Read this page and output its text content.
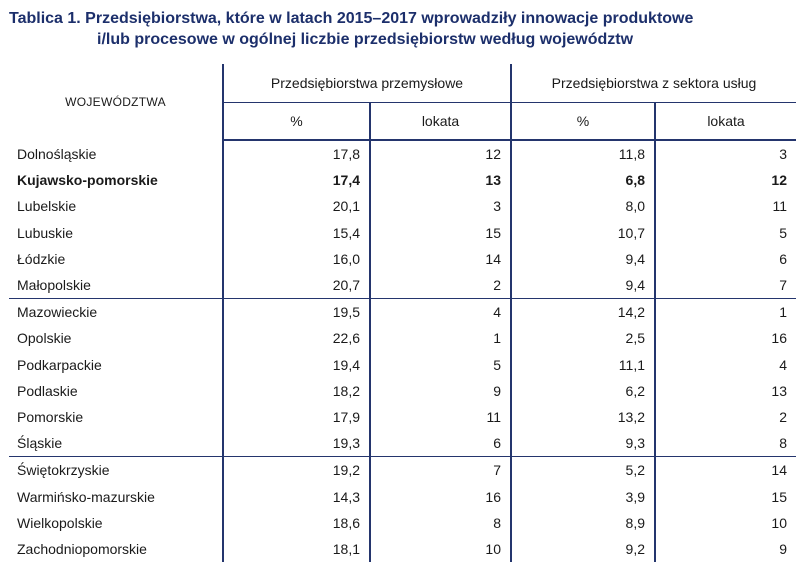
Tablica 1. Przedsiębiorstwa, które w latach 2015–2017 wprowadziły innowacje produktowe
i/lub procesowe w ogólnej liczbie przedsiębiorstw według województw
WOJEWÓDZTWA	Przedsiębiorstwa przemysłowe		Przedsiębiorstwa z sektora usług	
	%	lokata	%	lokata
Dolnośląskie	17,8	12	11,8	3
Kujawsko-pomorskie	17,4	13	6,8	12
Lubelskie	20,1	3	8,0	11
Lubuskie	15,4	15	10,7	5
Łódzkie	16,0	14	9,4	6
Małopolskie	20,7	2	9,4	7
Mazowieckie	19,5	4	14,2	1
Opolskie	22,6	1	2,5	16
Podkarpackie	19,4	5	11,1	4
Podlaskie	18,2	9	6,2	13
Pomorskie	17,9	11	13,2	2
Śląskie	19,3	6	9,3	8
Świętokrzyskie	19,2	7	5,2	14
Warmińsko-mazurskie	14,3	16	3,9	15
Wielkopolskie	18,6	8	8,9	10
Zachodniopomorskie	18,1	10	9,2	9
